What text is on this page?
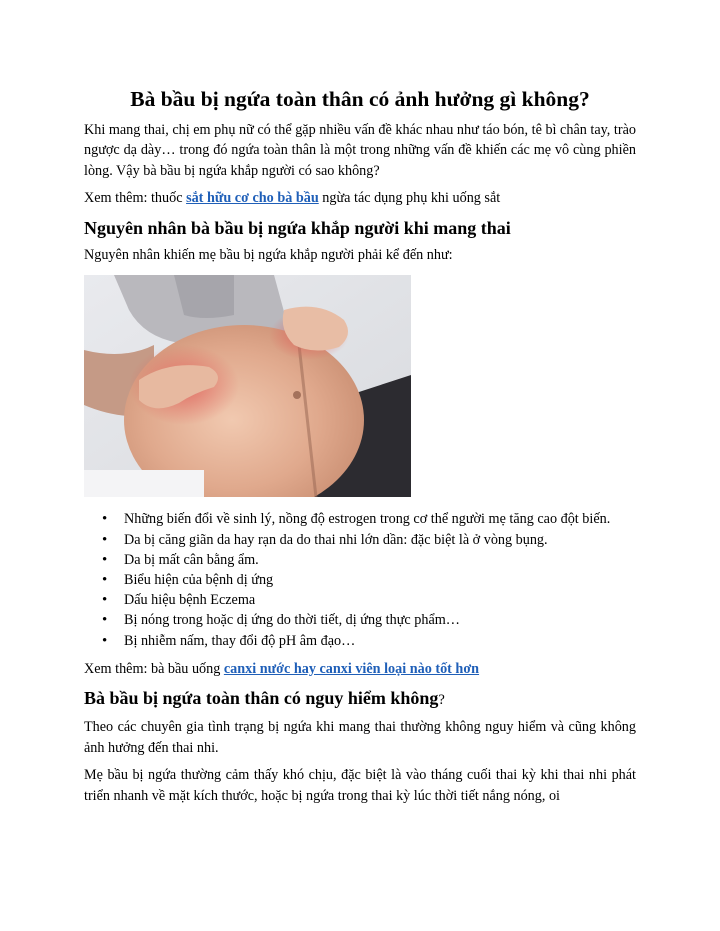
Bà bầu bị ngứa toàn thân có ảnh hưởng gì không?

Khi mang thai, chị em phụ nữ có thể gặp nhiều vấn đề khác nhau như táo bón, tê bì chân tay, trào ngược dạ dày… trong đó ngứa toàn thân là một trong những vấn đề khiến các mẹ vô cùng phiền lòng. Vậy bà bầu bị ngứa khắp người có sao không?

Xem thêm: thuốc sắt hữu cơ cho bà bầu ngừa tác dụng phụ khi uống sắt

Nguyên nhân bà bầu bị ngứa khắp người khi mang thai

Nguyên nhân khiến mẹ bầu bị ngứa khắp người phải kể đến như:

• Những biến đổi về sinh lý, nồng độ estrogen trong cơ thể người mẹ tăng cao đột biến.
• Da bị căng giãn da hay rạn da do thai nhi lớn dần: đặc biệt là ở vòng bụng.
• Da bị mất cân bằng ẩm.
• Biểu hiện của bệnh dị ứng
• Dấu hiệu bệnh Eczema
• Bị nóng trong hoặc dị ứng do thời tiết, dị ứng thực phẩm…
• Bị nhiễm nấm, thay đổi độ pH âm đạo…

Xem thêm: bà bầu uống canxi nước hay canxi viên loại nào tốt hơn

Bà bầu bị ngứa toàn thân có nguy hiểm không?

Theo các chuyên gia tình trạng bị ngứa khi mang thai thường không nguy hiểm và cũng không ảnh hưởng đến thai nhi.

Mẹ bầu bị ngứa thường cảm thấy khó chịu, đặc biệt là vào tháng cuối thai kỳ khi thai nhi phát triển nhanh về mặt kích thước, hoặc bị ngứa trong thai kỳ lúc thời tiết nắng nóng, oi
